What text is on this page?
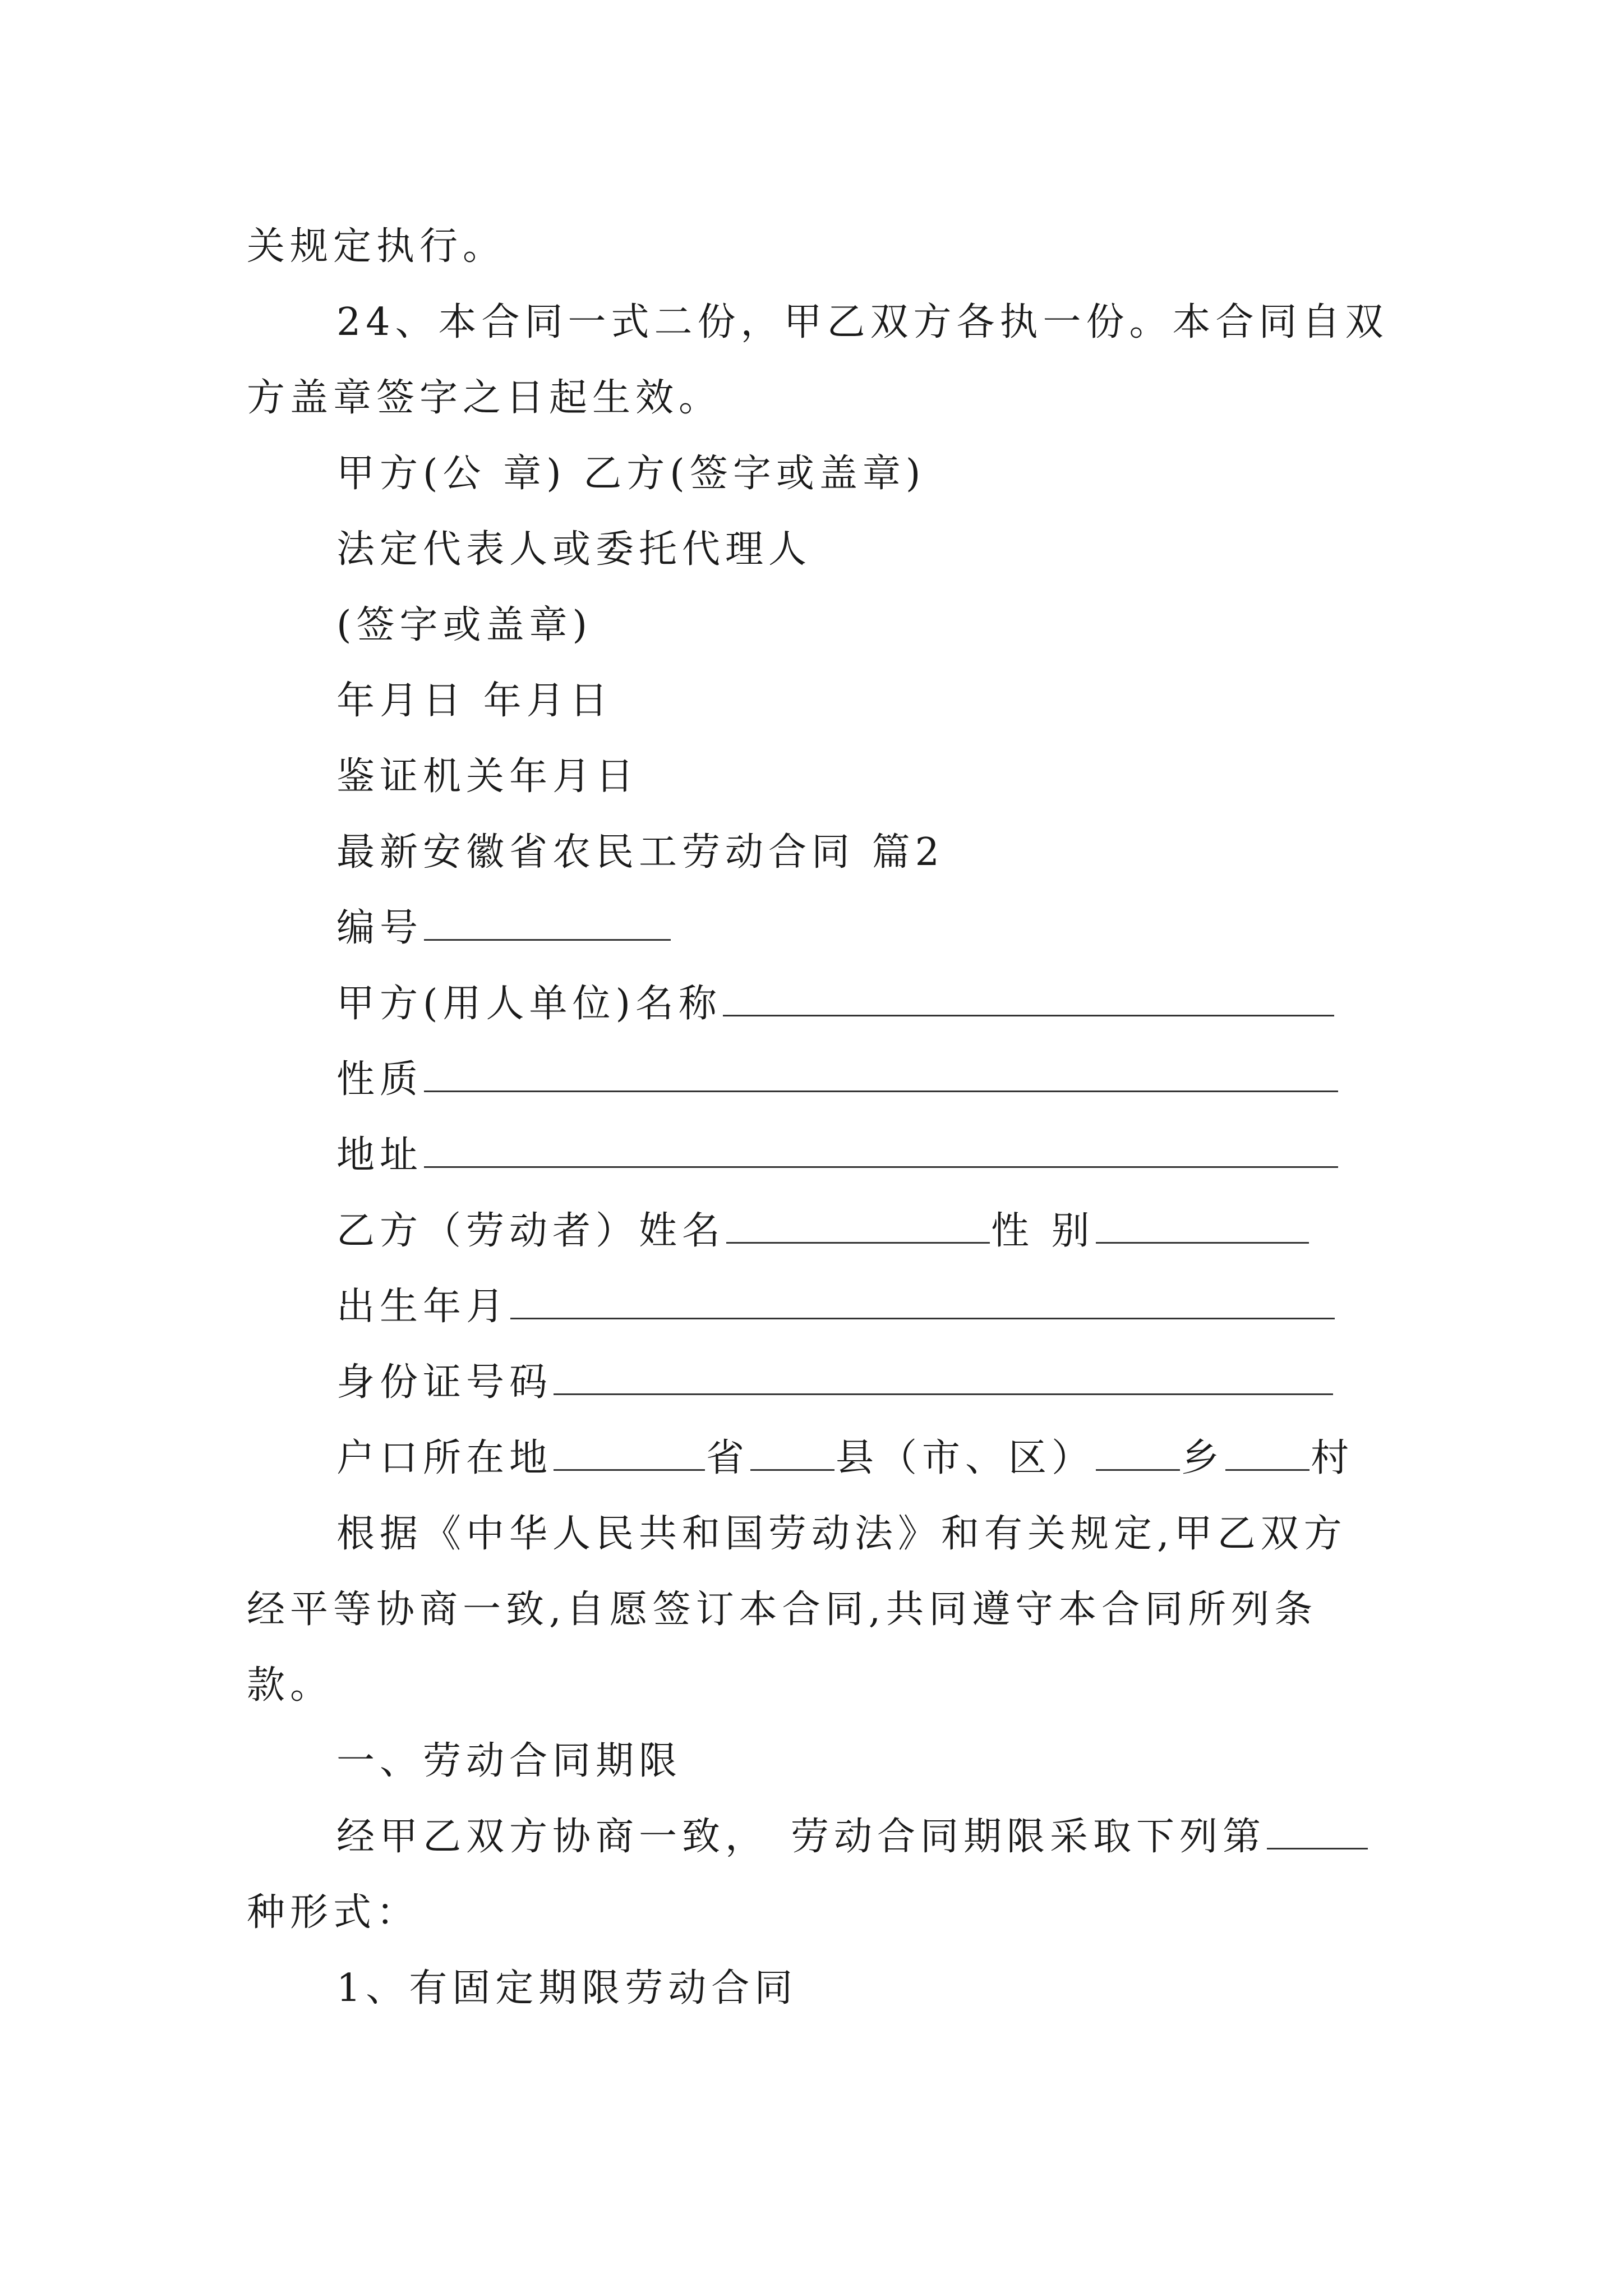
关规定执行。
24、本合同一式二份，甲乙双方各执一份。本合同自双
方盖章签字之日起生效。
甲方(公 章) 乙方(签字或盖章)
法定代表人或委托代理人
(签字或盖章)
年月日 年月日
鉴证机关年月日
最新安徽省农民工劳动合同 篇2
编号
甲方(用人单位)名称
性质
地址
乙方（劳动者）姓名	性 别
出生年月
身份证号码
户口所在地	省 县（市、区） 乡 村
根据《中华人民共和国劳动法》和有关规定,甲乙双方
经平等协商一致,自愿签订本合同,共同遵守本合同所列条
款。
一、劳动合同期限
经甲乙双方协商一致， 劳动合同期限采取下列第
种形式：
1、有固定期限劳动合同
